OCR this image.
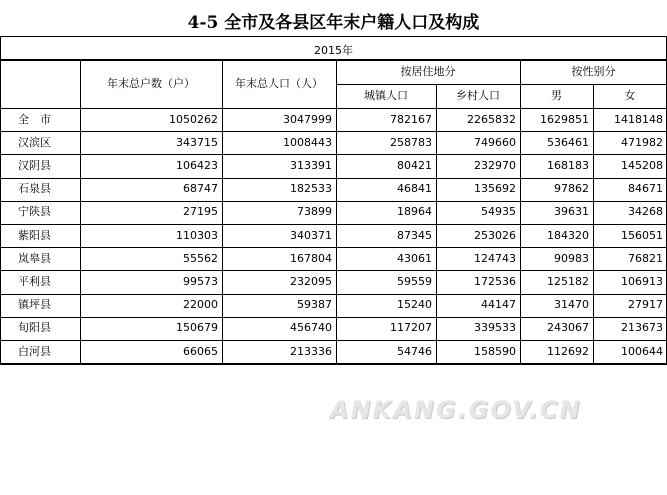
4-5 全市及各县区年末户籍人口及构成
2015年
年末总户数（户）	年末总人口（人）
按居住地分
城镇人口	乡村人口
按性别分
男	女
全　市	1050262	3047999	782167	2265832	1629851	1418148
汉滨区	343715	1008443	258783	749660	536461	471982
汉阴县	106423	313391	80421	232970	168183	145208
石泉县	68747	182533	46841	135692	97862	84671
宁陕县	27195	73899	18964	54935	39631	34268
紫阳县	110303	340371	87345	253026	184320	156051
岚皋县	55562	167804	43061	124743	90983	76821
平利县	99573	232095	59559	172536	125182	106913
镇坪县	22000	59387	15240	44147	31470	27917
旬阳县	150679	456740	117207	339533	243067	213673
白河县	66065	213336	54746	158590	112692	100644
ANKANG.GOV.CN
